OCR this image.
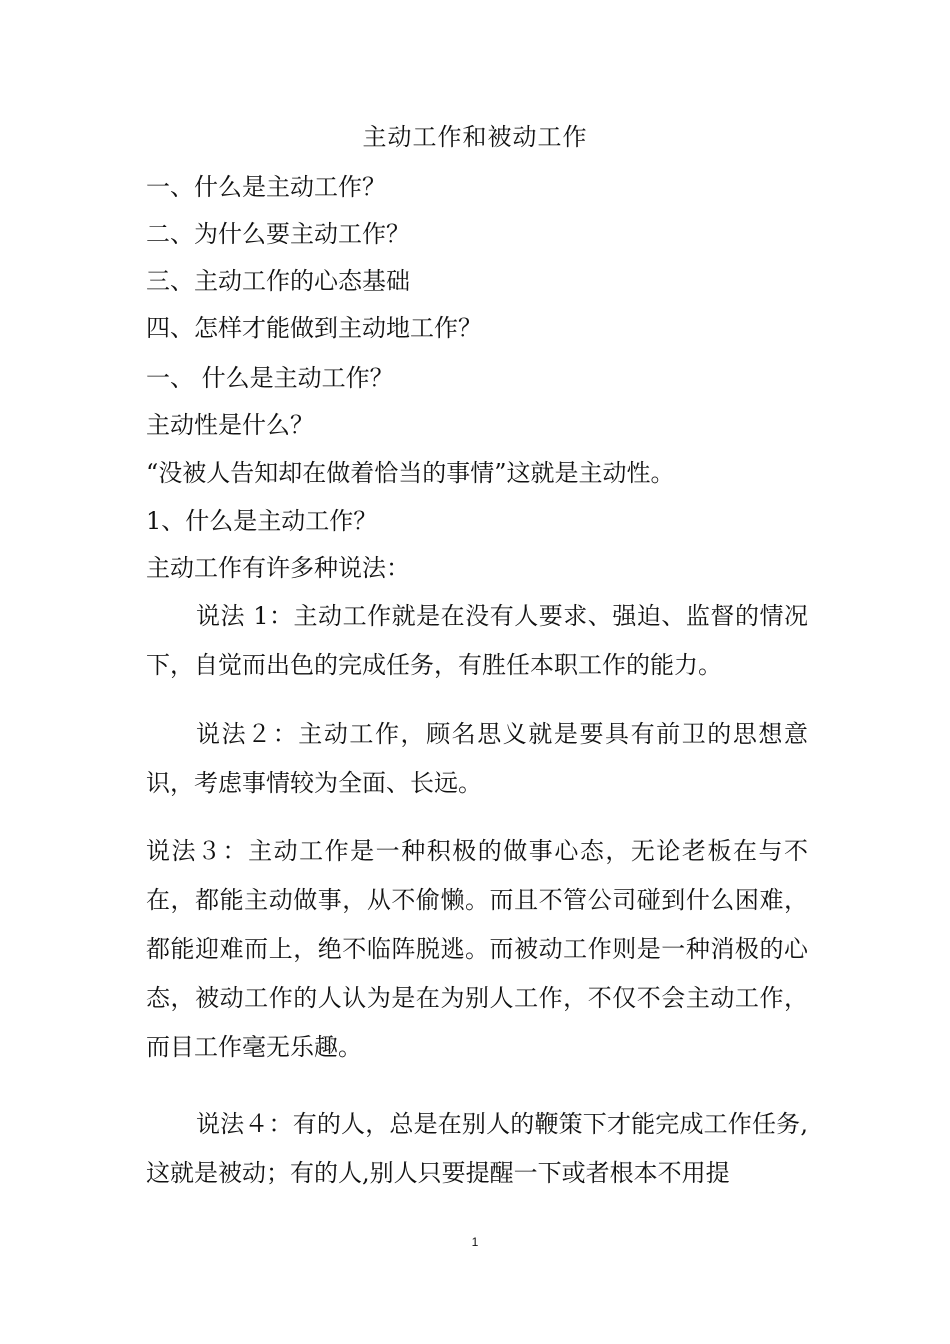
主动工作和被动工作
一、什么是主动工作？
二、为什么要主动工作？
三、主动工作的心态基础
四、怎样才能做到主动地工作？
一、 什么是主动工作？
主动性是什么？
“没被人告知却在做着恰当的事情”这就是主动性。
1、什么是主动工作？
主动工作有许多种说法：
说法 1：主动工作就是在没有人要求、强迫、监督的情况下，自觉而出色的完成任务，有胜任本职工作的能力。
说法２：主动工作，顾名思义就是要具有前卫的思想意识，考虑事情较为全面、长远。
说法３：主动工作是一种积极的做事心态，无论老板在与不在，都能主动做事，从不偷懒。而且不管公司碰到什么困难，都能迎难而上，绝不临阵脱逃。而被动工作则是一种消极的心态，被动工作的人认为是在为别人工作，不仅不会主动工作，而目工作毫无乐趣。
说法４：有的人，总是在别人的鞭策下才能完成工作任务,这就是被动；有的人,别人只要提醒一下或者根本不用提
1
